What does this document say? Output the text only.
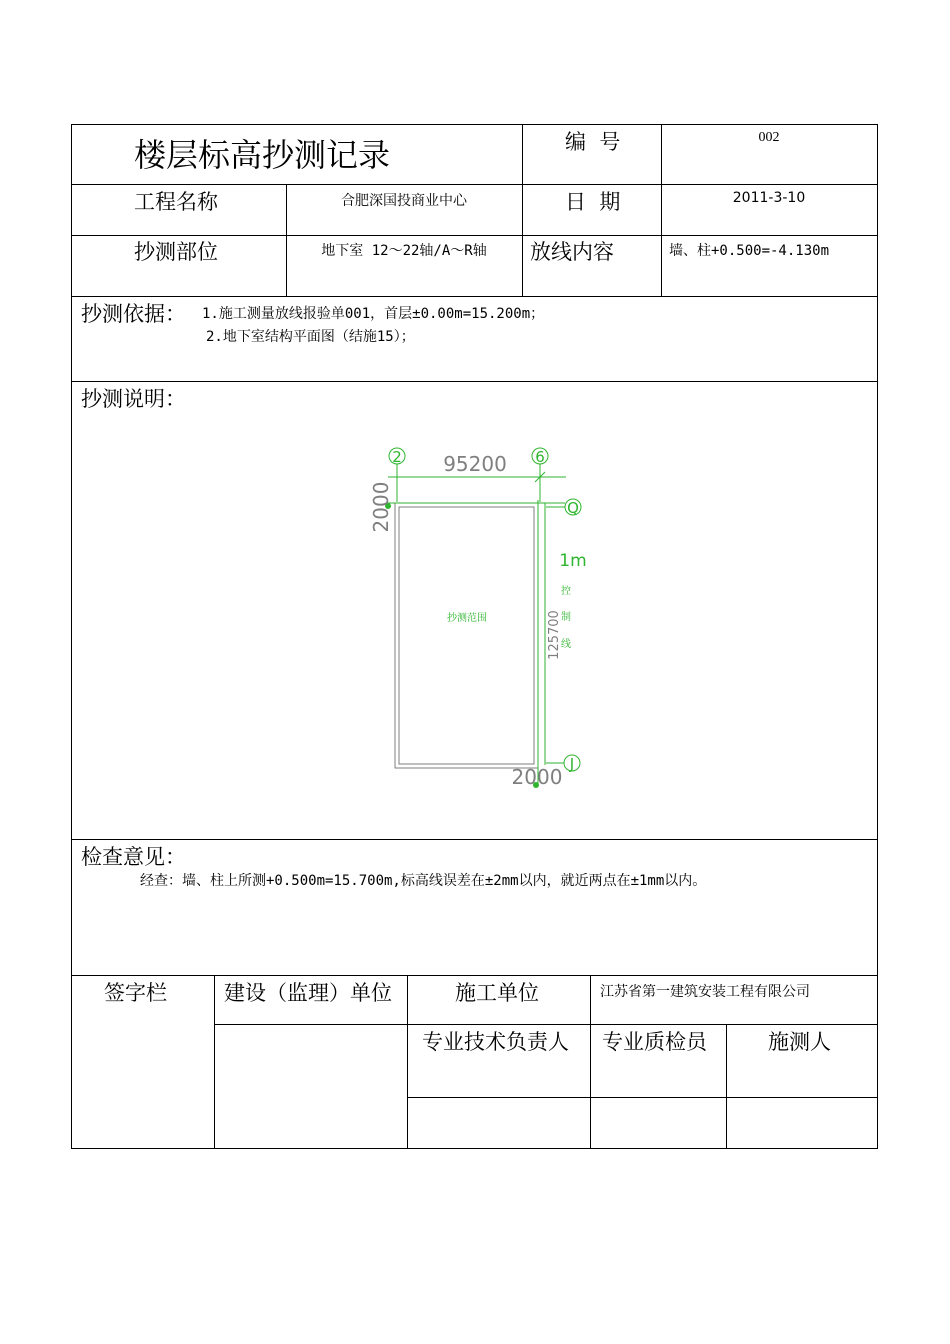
楼层标高抄测记录	编  号	002
工程名称	合肥深国投商业中心	日  期	2011-3-10
抄测部位	地下室 12～22轴/A～R轴	放线内容	墙、柱+0.500=-4.130m
抄测依据： 1.施工测量放线报验单001，首层±0.00m=15.200m；
2.地下室结构平面图（结施15）；
抄测说明：
2	6
Q
J
95200
2000
2000
125700
1m
控
制
线
抄测范围
检查意见：
经查：墙、柱上所测+0.500m=15.700m,标高线误差在±2mm以内，就近两点在±1mm以内。
签字栏	建设（监理）单位	施工单位	江苏省第一建筑安装工程有限公司
专业技术负责人 专业质检员	施测人
